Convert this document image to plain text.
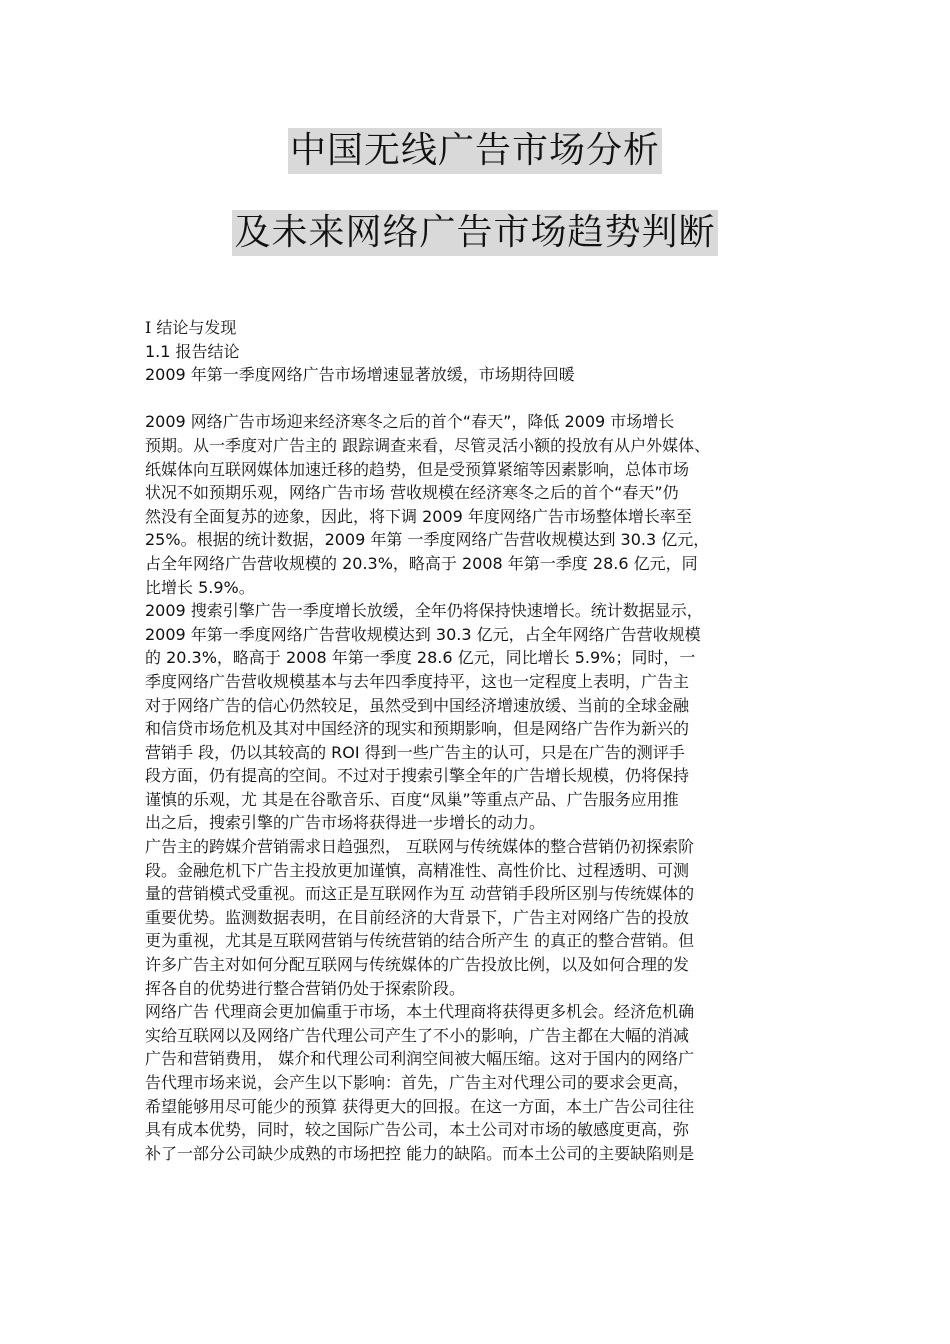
中国无线广告市场分析
及未来网络广告市场趋势判断

Ⅰ 结论与发现

1.1 报告结论

2009 年第一季度网络广告市场增速显著放缓，市场期待回暖

2009 网络广告市场迎来经济寒冬之后的首个“春天”，降低 2009 市场增长

预期。从一季度对广告主的 跟踪调查来看，尽管灵活小额的投放有从户外媒体、

纸媒体向互联网媒体加速迁移的趋势，但是受预算紧缩等因素影响，总体市场

状况不如预期乐观，网络广告市场 营收规模在经济寒冬之后的首个“春天”仍

然没有全面复苏的迹象，因此，将下调 2009 年度网络广告市场整体增长率至

25%。根据的统计数据，2009 年第 一季度网络广告营收规模达到 30.3 亿元，

占全年网络广告营收规模的 20.3%，略高于 2008 年第一季度 28.6 亿元，同

比增长 5.9%。

2009 搜索引擎广告一季度增长放缓，全年仍将保持快速增长。统计数据显示，

2009 年第一季度网络广告营收规模达到 30.3 亿元，占全年网络广告营收规模

的 20.3%，略高于 2008 年第一季度 28.6 亿元，同比增长 5.9%；同时，一

季度网络广告营收规模基本与去年四季度持平，这也一定程度上表明，广告主

对于网络广告的信心仍然较足，虽然受到中国经济增速放缓、当前的全球金融

和信贷市场危机及其对中国经济的现实和预期影响，但是网络广告作为新兴的

营销手 段，仍以其较高的 ROI 得到一些广告主的认可，只是在广告的测评手

段方面，仍有提高的空间。不过对于搜索引擎全年的广告增长规模，仍将保持

谨慎的乐观，尤 其是在谷歌音乐、百度“凤巢”等重点产品、广告服务应用推

出之后，搜索引擎的广告市场将获得进一步增长的动力。

广告主的跨媒介营销需求日趋强烈， 互联网与传统媒体的整合营销仍初探索阶

段。金融危机下广告主投放更加谨慎，高精准性、高性价比、过程透明、可测

量的营销模式受重视。而这正是互联网作为互 动营销手段所区别与传统媒体的

重要优势。监测数据表明，在目前经济的大背景下，广告主对网络广告的投放

更为重视，尤其是互联网营销与传统营销的结合所产生 的真正的整合营销。但

许多广告主对如何分配互联网与传统媒体的广告投放比例，以及如何合理的发

挥各自的优势进行整合营销仍处于探索阶段。

网络广告 代理商会更加偏重于市场，本土代理商将获得更多机会。经济危机确

实给互联网以及网络广告代理公司产生了不小的影响，广告主都在大幅的消减

广告和营销费用， 媒介和代理公司利润空间被大幅压缩。这对于国内的网络广

告代理市场来说，会产生以下影响：首先，广告主对代理公司的要求会更高，

希望能够用尽可能少的预算 获得更大的回报。在这一方面，本土广告公司往往

具有成本优势，同时，较之国际广告公司，本土公司对市场的敏感度更高，弥

补了一部分公司缺少成熟的市场把控 能力的缺陷。而本土公司的主要缺陷则是
